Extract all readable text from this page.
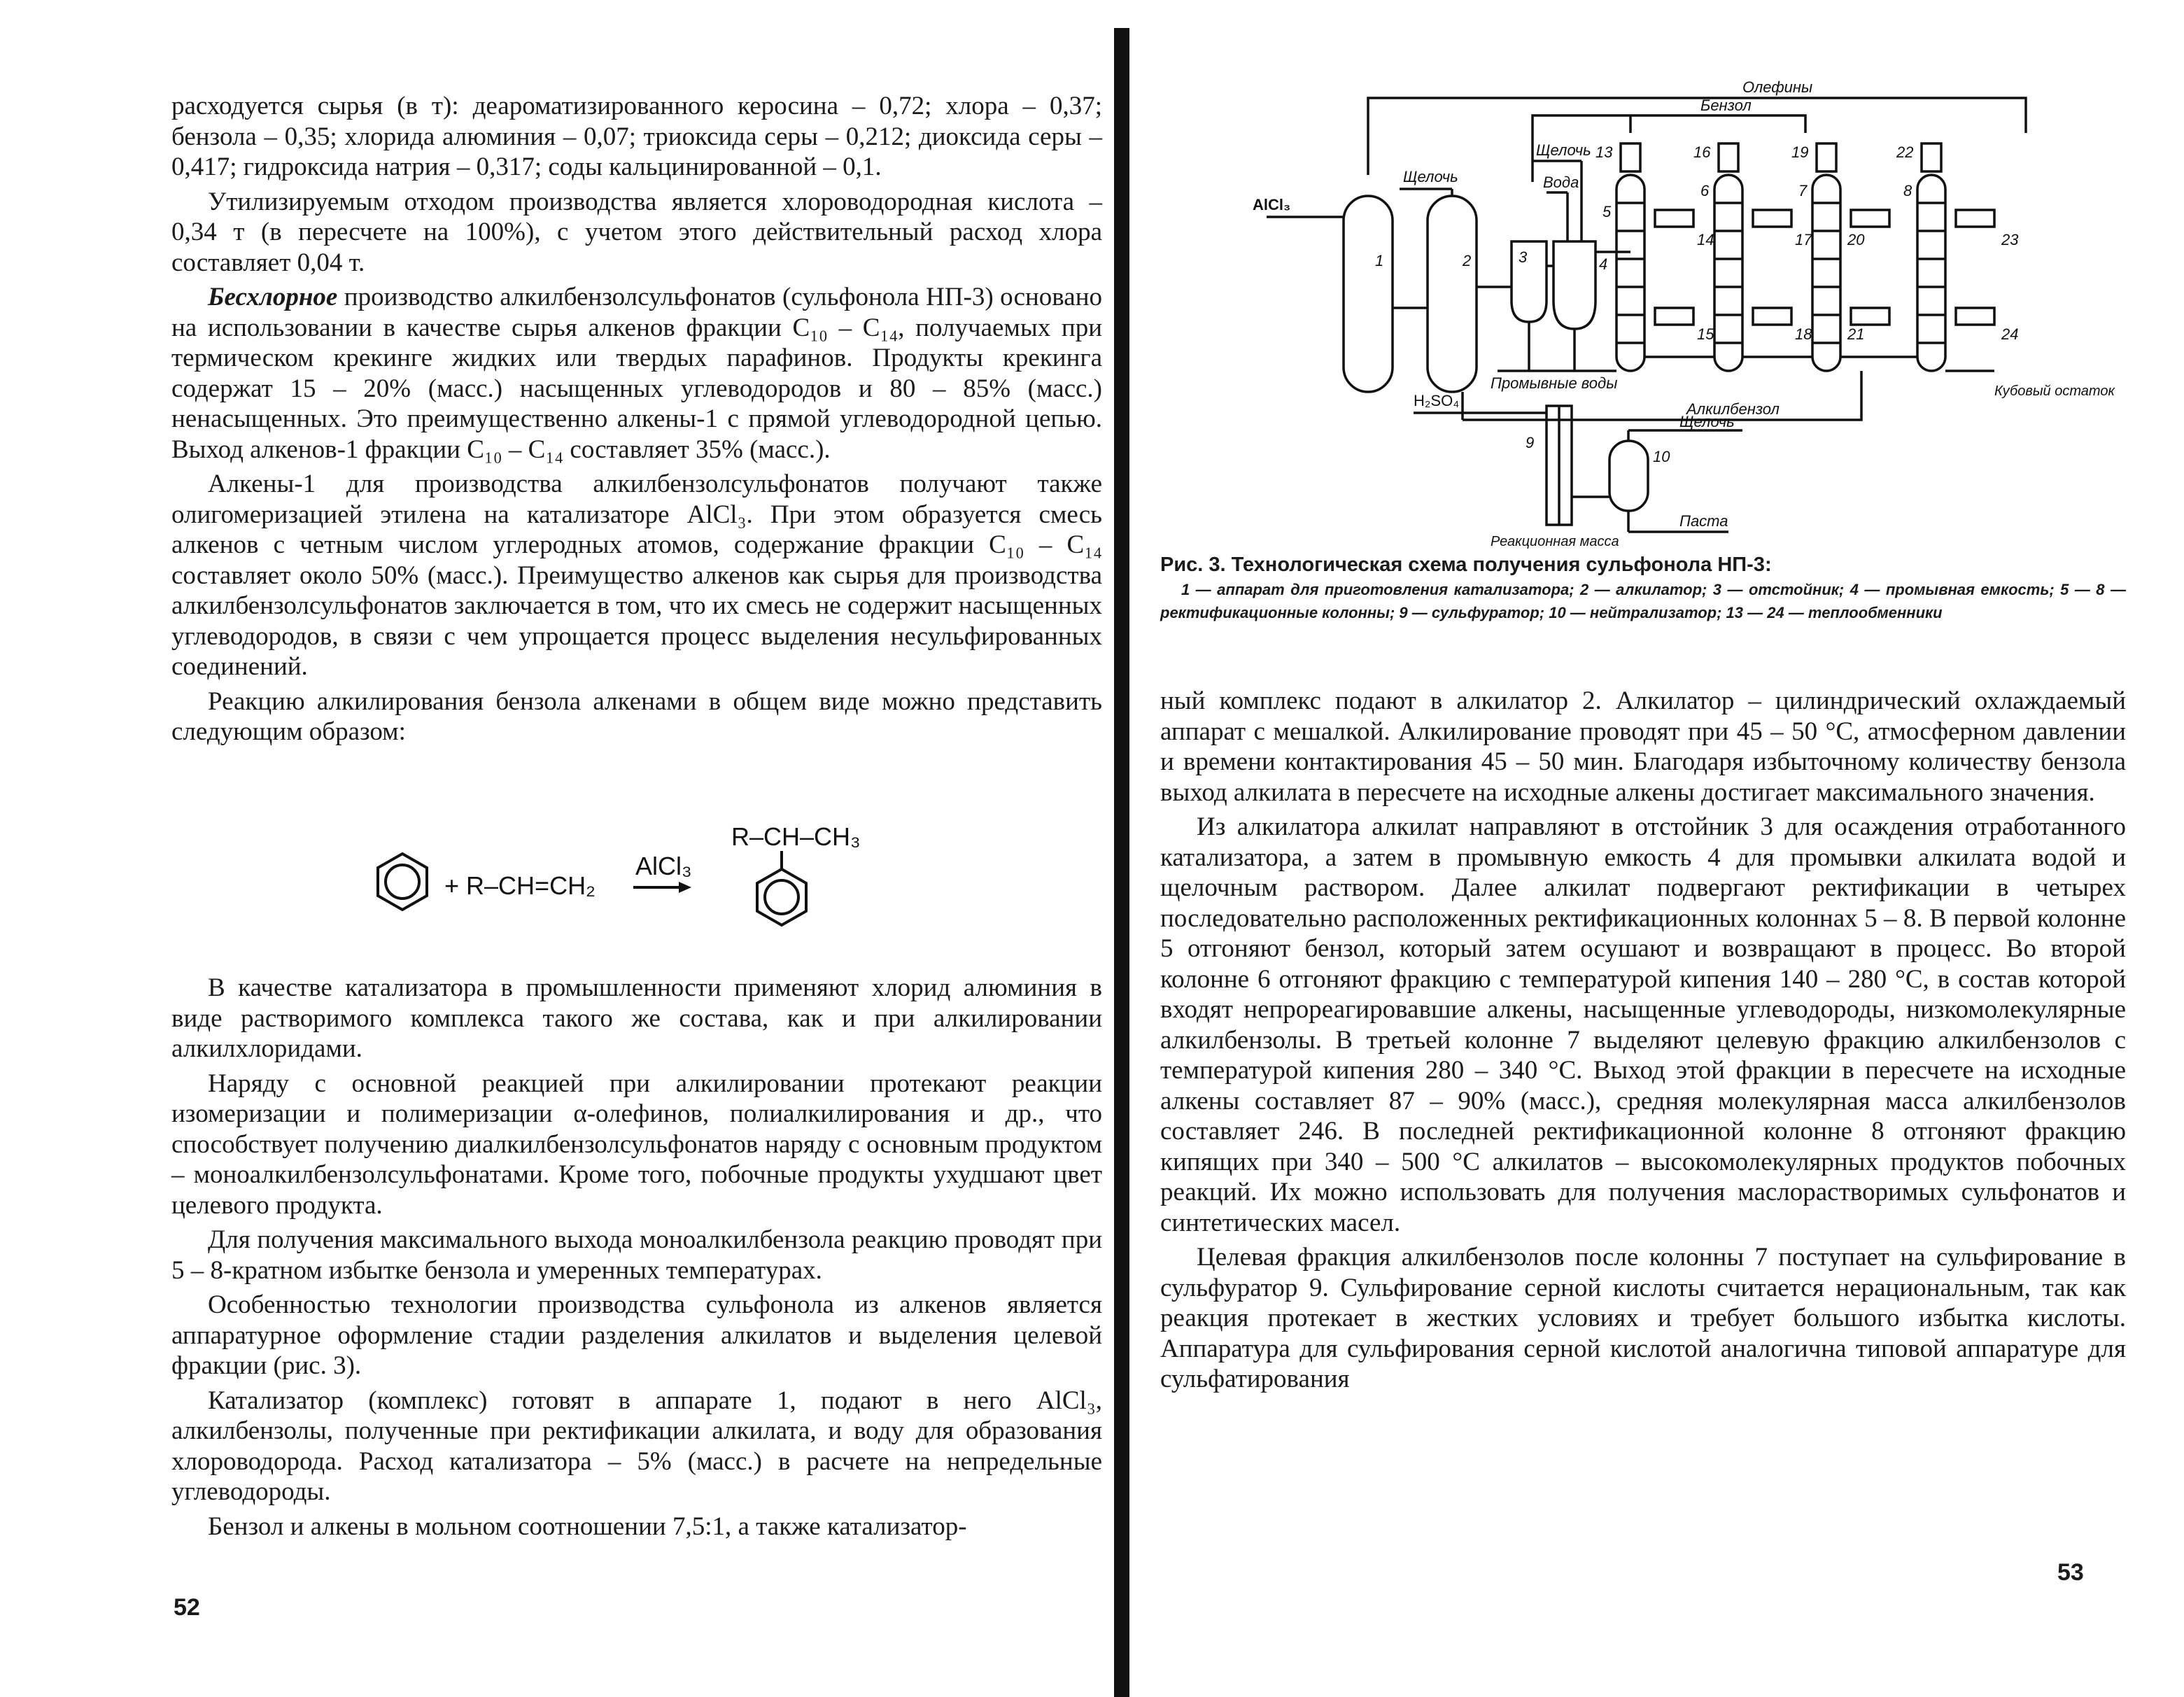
расходуется сырья (в т): деароматизированного керосина – 0,72; хлора – 0,37; бензола – 0,35; хлорида алюминия – 0,07; триоксида серы – 0,212; диоксида серы – 0,417; гидроксида натрия – 0,317; соды кальцинированной – 0,1.

Утилизируемым отходом производства является хлороводородная кислота – 0,34 т (в пересчете на 100%), с учетом этого действительный расход хлора составляет 0,04 т.

Бесхлорное производство алкилбензолсульфонатов (сульфонола НП-3) основано на использовании в качестве сырья алкенов фракции C₁₀ – C₁₄, получаемых при термическом крекинге жидких или твердых парафинов. Продукты крекинга содержат 15 – 20% (масс.) насыщенных углеводородов и 80 – 85% (масс.) ненасыщенных. Это преимущественно алкены-1 с прямой углеводородной цепью. Выход алкенов-1 фракции C₁₀ – C₁₄ составляет 35% (масс.).

Алкены-1 для производства алкилбензолсульфонатов получают также олигомеризацией этилена на катализаторе AlCl₃. При этом образуется смесь алкенов с четным числом углеродных атомов, содержание фракции C₁₀ – C₁₄ составляет около 50% (масс.). Преимущество алкенов как сырья для производства алкилбензолсульфонатов заключается в том, что их смесь не содержит насыщенных углеводородов, в связи с чем упрощается процесс выделения несульфированных соединений.

Реакцию алкилирования бензола алкенами в общем виде можно представить следующим образом:

+ R–CH=CH₂
AlCl₃
R–CH–CH₃

В качестве катализатора в промышленности применяют хлорид алюминия в виде растворимого комплекса такого же состава, как и при алкилировании алкилхлоридами.

Наряду с основной реакцией при алкилировании протекают реакции изомеризации и полимеризации α-олефинов, полиалкилирования и др., что способствует получению диалкилбензолсульфонатов наряду с основным продуктом – моноалкилбензолсульфонатами. Кроме того, побочные продукты ухудшают цвет целевого продукта.

Для получения максимального выхода моноалкилбензола реакцию проводят при 5 – 8-кратном избытке бензола и умеренных температурах.

Особенностью технологии производства сульфонола из алкенов является аппаратурное оформление стадии разделения алкилатов и выделения целевой фракции (рис. 3).

Катализатор (комплекс) готовят в аппарате 1, подают в него AlCl₃, алкилбензолы, полученные при ректификации алкилата, и воду для образования хлороводорода. Расход катализатора – 5% (масс.) в расчете на непредельные углеводороды.

Бензол и алкены в мольном соотношении 7,5:1, а также катализатор-

52
Олефины
Бензол
AlCl₃
Щелочь
Щелочь
Вода
Промывные воды
Алкилбензол
H₂SO₄
Щелочь
Кубовый остаток
Паста
Реакционная масса
1	2	3	4
5
6	7	8
9
10
13
14
15
16
17
18
19
20
21
22
23
24
Рис. 3. Технологическая схема получения сульфонола НП-3:
1 — аппарат для приготовления катализатора; 2 — алкилатор; 3 — отстойник; 4 — промывная емкость; 5 — 8 — ректификационные колонны; 9 — сульфуратор; 10 — нейтрализатор; 13 — 24 — теплообменники

ный комплекс подают в алкилатор 2. Алкилатор – цилиндрический охлаждаемый аппарат с мешалкой. Алкилирование проводят при 45 – 50 °C, атмосферном давлении и времени контактирования 45 – 50 мин. Благодаря избыточному количеству бензола выход алкилата в пересчете на исходные алкены достигает максимального значения.

Из алкилатора алкилат направляют в отстойник 3 для осаждения отработанного катализатора, а затем в промывную емкость 4 для промывки алкилата водой и щелочным раствором. Далее алкилат подвергают ректификации в четырех последовательно расположенных ректификационных колоннах 5 – 8. В первой колонне 5 отгоняют бензол, который затем осушают и возвращают в процесс. Во второй колонне 6 отгоняют фракцию с температурой кипения 140 – 280 °C, в состав которой входят непрореагировавшие алкены, насыщенные углеводороды, низкомолекулярные алкилбензолы. В третьей колонне 7 выделяют целевую фракцию алкилбензолов с температурой кипения 280 – 340 °C. Выход этой фракции в пересчете на исходные алкены составляет 87 – 90% (масс.), средняя молекулярная масса алкилбензолов составляет 246. В последней ректификационной колонне 8 отгоняют фракцию кипящих при 340 – 500 °C алкилатов – высокомолекулярных продуктов побочных реакций. Их можно использовать для получения маслорастворимых сульфонатов и синтетических масел.

Целевая фракция алкилбензолов после колонны 7 поступает на сульфирование в сульфуратор 9. Сульфирование серной кислоты считается нерациональным, так как реакция протекает в жестких условиях и требует большого избытка кислоты. Аппаратура для сульфирования серной кислотой аналогична типовой аппаратуре для сульфатирования

53
